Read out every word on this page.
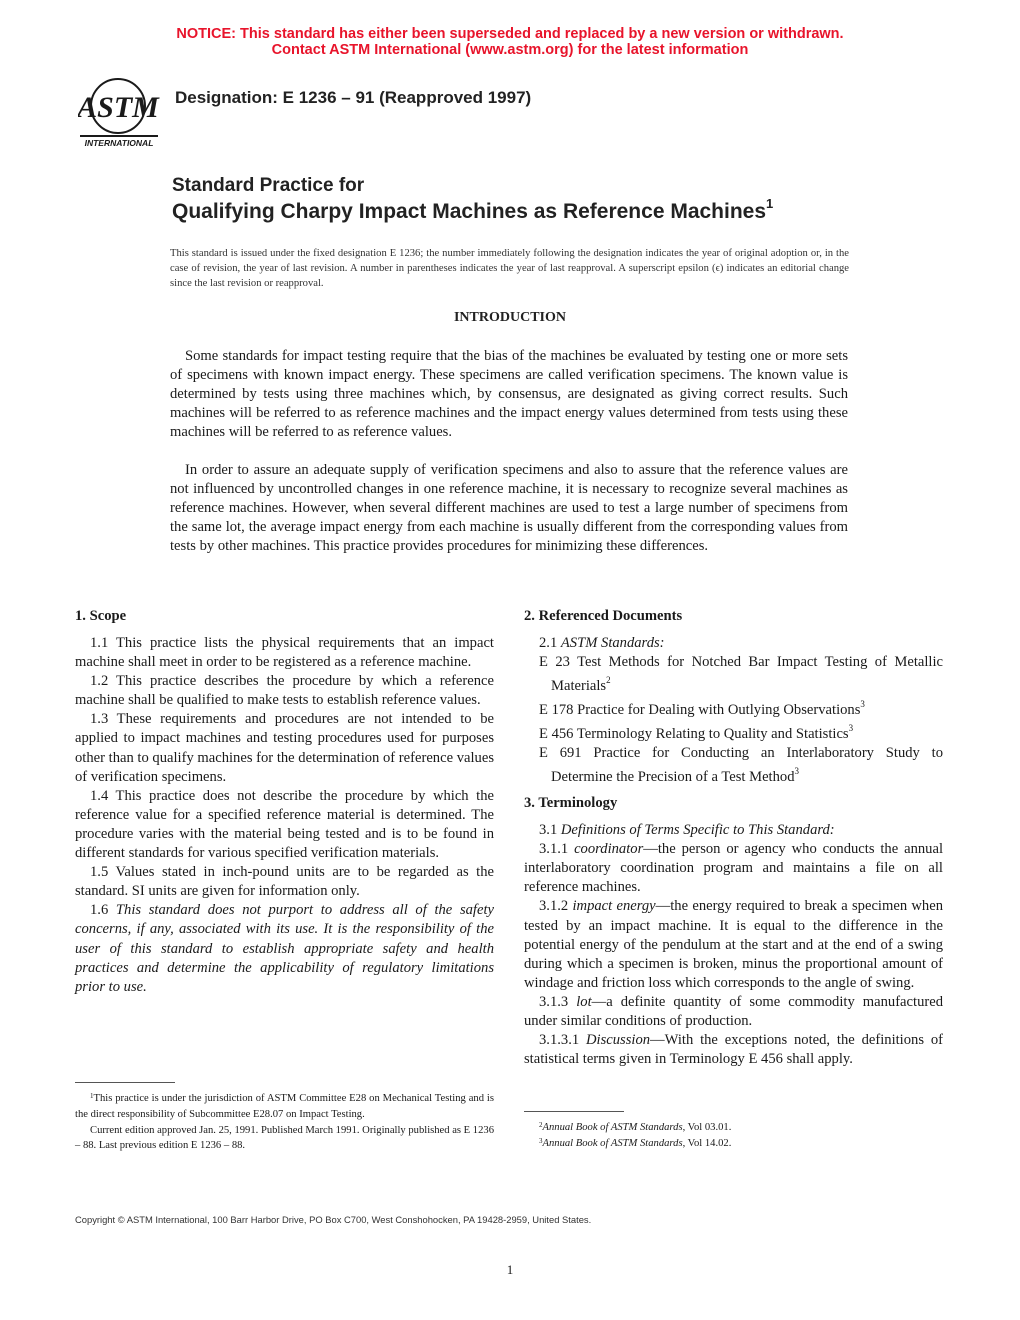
NOTICE: This standard has either been superseded and replaced by a new version or withdrawn.
Contact ASTM International (www.astm.org) for the latest information
ASTM
INTERNATIONAL
Designation: E 1236 – 91 (Reapproved 1997)
Standard Practice for
Qualifying Charpy Impact Machines as Reference Machines$^1$
This standard is issued under the fixed designation E 1236; the number immediately following the designation indicates the year of original adoption or, in the case of revision, the year of last revision. A number in parentheses indicates the year of last reapproval. A superscript epsilon (ϵ) indicates an editorial change since the last revision or reapproval.
INTRODUCTION

Some standards for impact testing require that the bias of the machines be evaluated by testing one or more sets of specimens with known impact energy. These specimens are called verification specimens. The known value is determined by tests using three machines which, by consensus, are designated as giving correct results. Such machines will be referred to as reference machines and the impact energy values determined from tests using these machines will be referred to as reference values.

In order to assure an adequate supply of verification specimens and also to assure that the reference values are not influenced by uncontrolled changes in one reference machine, it is necessary to recognize several machines as reference machines. However, when several different machines are used to test a large number of specimens from the same lot, the average impact energy from each machine is usually different from the corresponding values from tests by other machines. This practice provides procedures for minimizing these differences.

1. Scope

1.1 This practice lists the physical requirements that an impact machine shall meet in order to be registered as a reference machine.

1.2 This practice describes the procedure by which a reference machine shall be qualified to make tests to establish reference values.

1.3 These requirements and procedures are not intended to be applied to impact machines and testing procedures used for purposes other than to qualify machines for the determination of reference values of verification specimens.

1.4 This practice does not describe the procedure by which the reference value for a specified reference material is determined. The procedure varies with the material being tested and is to be found in different standards for various specified verification materials.

1.5 Values stated in inch-pound units are to be regarded as the standard. SI units are given for information only.

1.6 This standard does not purport to address all of the safety concerns, if any, associated with its use. It is the responsibility of the user of this standard to establish appropriate safety and health practices and determine the applicability of regulatory limitations prior to use.

2. Referenced Documents

2.1 ASTM Standards:

E 23 Test Methods for Notched Bar Impact Testing of Metallic Materials$^2$

E 178 Practice for Dealing with Outlying Observations$^3$

E 456 Terminology Relating to Quality and Statistics$^3$

E 691 Practice for Conducting an Interlaboratory Study to Determine the Precision of a Test Method$^3$

3. Terminology

3.1 Definitions of Terms Specific to This Standard:

3.1.1 coordinator—the person or agency who conducts the annual interlaboratory coordination program and maintains a file on all reference machines.

3.1.2 impact energy—the energy required to break a specimen when tested by an impact machine. It is equal to the difference in the potential energy of the pendulum at the start and at the end of a swing during which a specimen is broken, minus the proportional amount of windage and friction loss which corresponds to the angle of swing.

3.1.3 lot—a definite quantity of some commodity manufactured under similar conditions of production.

3.1.3.1 Discussion—With the exceptions noted, the definitions of statistical terms given in Terminology E 456 shall apply.

$^1$This practice is under the jurisdiction of ASTM Committee E28 on Mechanical Testing and is the direct responsibility of Subcommittee E28.07 on Impact Testing.

Current edition approved Jan. 25, 1991. Published March 1991. Originally published as E 1236 – 88. Last previous edition E 1236 – 88.

$^2$Annual Book of ASTM Standards, Vol 03.01.

$^3$Annual Book of ASTM Standards, Vol 14.02.

Copyright © ASTM International, 100 Barr Harbor Drive, PO Box C700, West Conshohocken, PA 19428-2959, United States.
1
